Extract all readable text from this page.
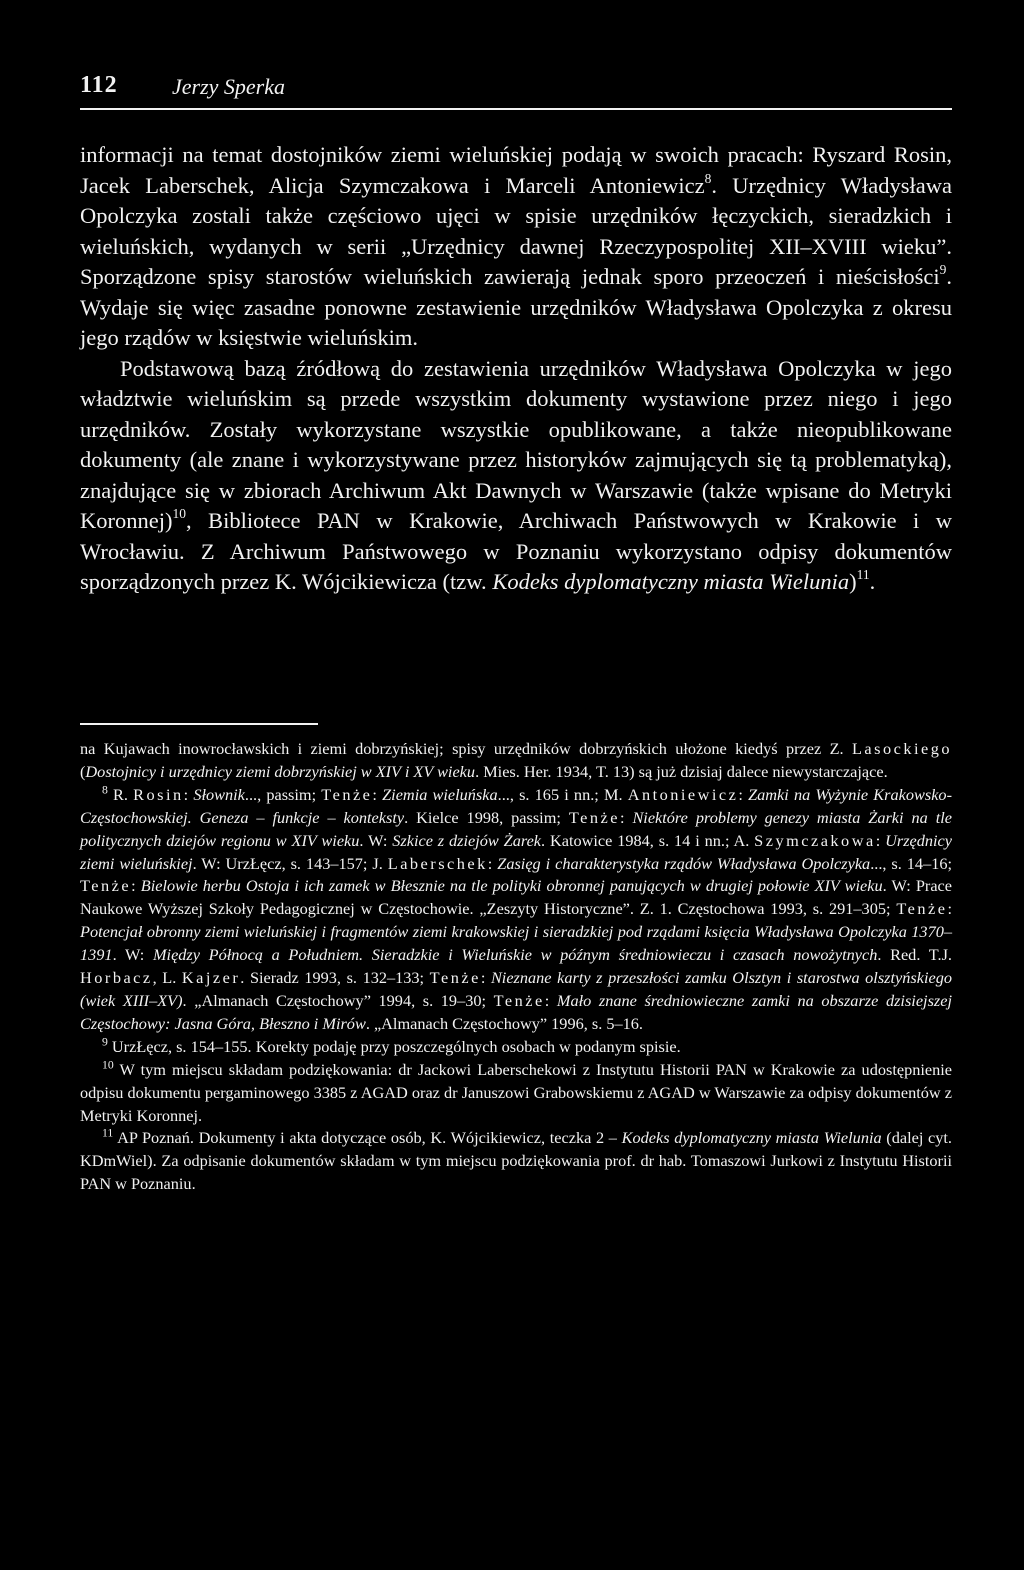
112 Jerzy Sperka

informacji na temat dostojników ziemi wieluńskiej podają w swoich pracach: Ryszard Rosin, Jacek Laberschek, Alicja Szymczakowa i Marceli Antoniewicz$^8$. Urzędnicy Władysława Opolczyka zostali także częściowo ujęci w spisie urzędników łęczyckich, sieradzkich i wieluńskich, wydanych w serii „Urzędnicy dawnej Rzeczypospolitej XII–XVIII wieku”. Sporządzone spisy starostów wieluńskich zawierają jednak sporo przeoczeń i nieścisłości$^9$. Wydaje się więc zasadne ponowne zestawienie urzędników Władysława Opolczyka z okresu jego rządów w księstwie wieluńskim.

Podstawową bazą źródłową do zestawienia urzędników Władysława Opolczyka w jego władztwie wieluńskim są przede wszystkim dokumenty wystawione przez niego i jego urzędników. Zostały wykorzystane wszystkie opublikowane, a także nieopublikowane dokumenty (ale znane i wykorzystywane przez historyków zajmujących się tą problematyką), znajdujące się w zbiorach Archiwum Akt Dawnych w Warszawie (także wpisane do Metryki Koronnej)$^{10}$, Bibliotece PAN w Krakowie, Archiwach Państwowych w Krakowie i w Wrocławiu. Z Archiwum Państwowego w Poznaniu wykorzystano odpisy dokumentów sporządzonych przez K. Wójcikiewicza (tzw. Kodeks dyplomatyczny miasta Wielunia)$^{11}$.

na Kujawach inowrocławskich i ziemi dobrzyńskiej; spisy urzędników dobrzyńskich ułożone kiedyś przez Z. Lasockiego (Dostojnicy i urzędnicy ziemi dobrzyńskiej w XIV i XV wieku. Mies. Her. 1934, T. 13) są już dzisiaj dalece niewystarczające.

$^8$ R. Rosin: Słownik..., passim; Tenże: Ziemia wieluńska..., s. 165 i nn.; M. Antoniewicz: Zamki na Wyżynie Krakowsko-Częstochowskiej. Geneza – funkcje – konteksty. Kielce 1998, passim; Tenże: Niektóre problemy genezy miasta Żarki na tle politycznych dziejów regionu w XIV wieku. W: Szkice z dziejów Żarek. Katowice 1984, s. 14 i nn.; A. Szymczakowa: Urzędnicy ziemi wieluńskiej. W: UrzŁęcz, s. 143–157; J. Laberschek: Zasięg i charakterystyka rządów Władysława Opolczyka..., s. 14–16; Tenże: Bielowie herbu Ostoja i ich zamek w Błesznie na tle polityki obronnej panujących w drugiej połowie XIV wieku. W: Prace Naukowe Wyższej Szkoły Pedagogicznej w Częstochowie. „Zeszyty Historyczne”. Z. 1. Częstochowa 1993, s. 291–305; Tenże: Potencjał obronny ziemi wieluńskiej i fragmentów ziemi krakowskiej i sieradzkiej pod rządami księcia Władysława Opolczyka 1370–1391. W: Między Północą a Południem. Sieradzkie i Wieluńskie w późnym średniowieczu i czasach nowożytnych. Red. T.J. Horbacz, L. Kajzer. Sieradz 1993, s. 132–133; Tenże: Nieznane karty z przeszłości zamku Olsztyn i starostwa olsztyńskiego (wiek XIII–XV). „Almanach Częstochowy” 1994, s. 19–30; Tenże: Mało znane średniowieczne zamki na obszarze dzisiejszej Częstochowy: Jasna Góra, Błeszno i Mirów. „Almanach Częstochowy” 1996, s. 5–16.

$^9$ UrzŁęcz, s. 154–155. Korekty podaję przy poszczególnych osobach w podanym spisie.

$^{10}$ W tym miejscu składam podziękowania: dr Jackowi Laberschekowi z Instytutu Historii PAN w Krakowie za udostępnienie odpisu dokumentu pergaminowego 3385 z AGAD oraz dr Januszowi Grabowskiemu z AGAD w Warszawie za odpisy dokumentów z Metryki Koronnej.

$^{11}$ AP Poznań. Dokumenty i akta dotyczące osób, K. Wójcikiewicz, teczka 2 – Kodeks dyplomatyczny miasta Wielunia (dalej cyt. KDmWiel). Za odpisanie dokumentów składam w tym miejscu podziękowania prof. dr hab. Tomaszowi Jurkowi z Instytutu Historii PAN w Poznaniu.
